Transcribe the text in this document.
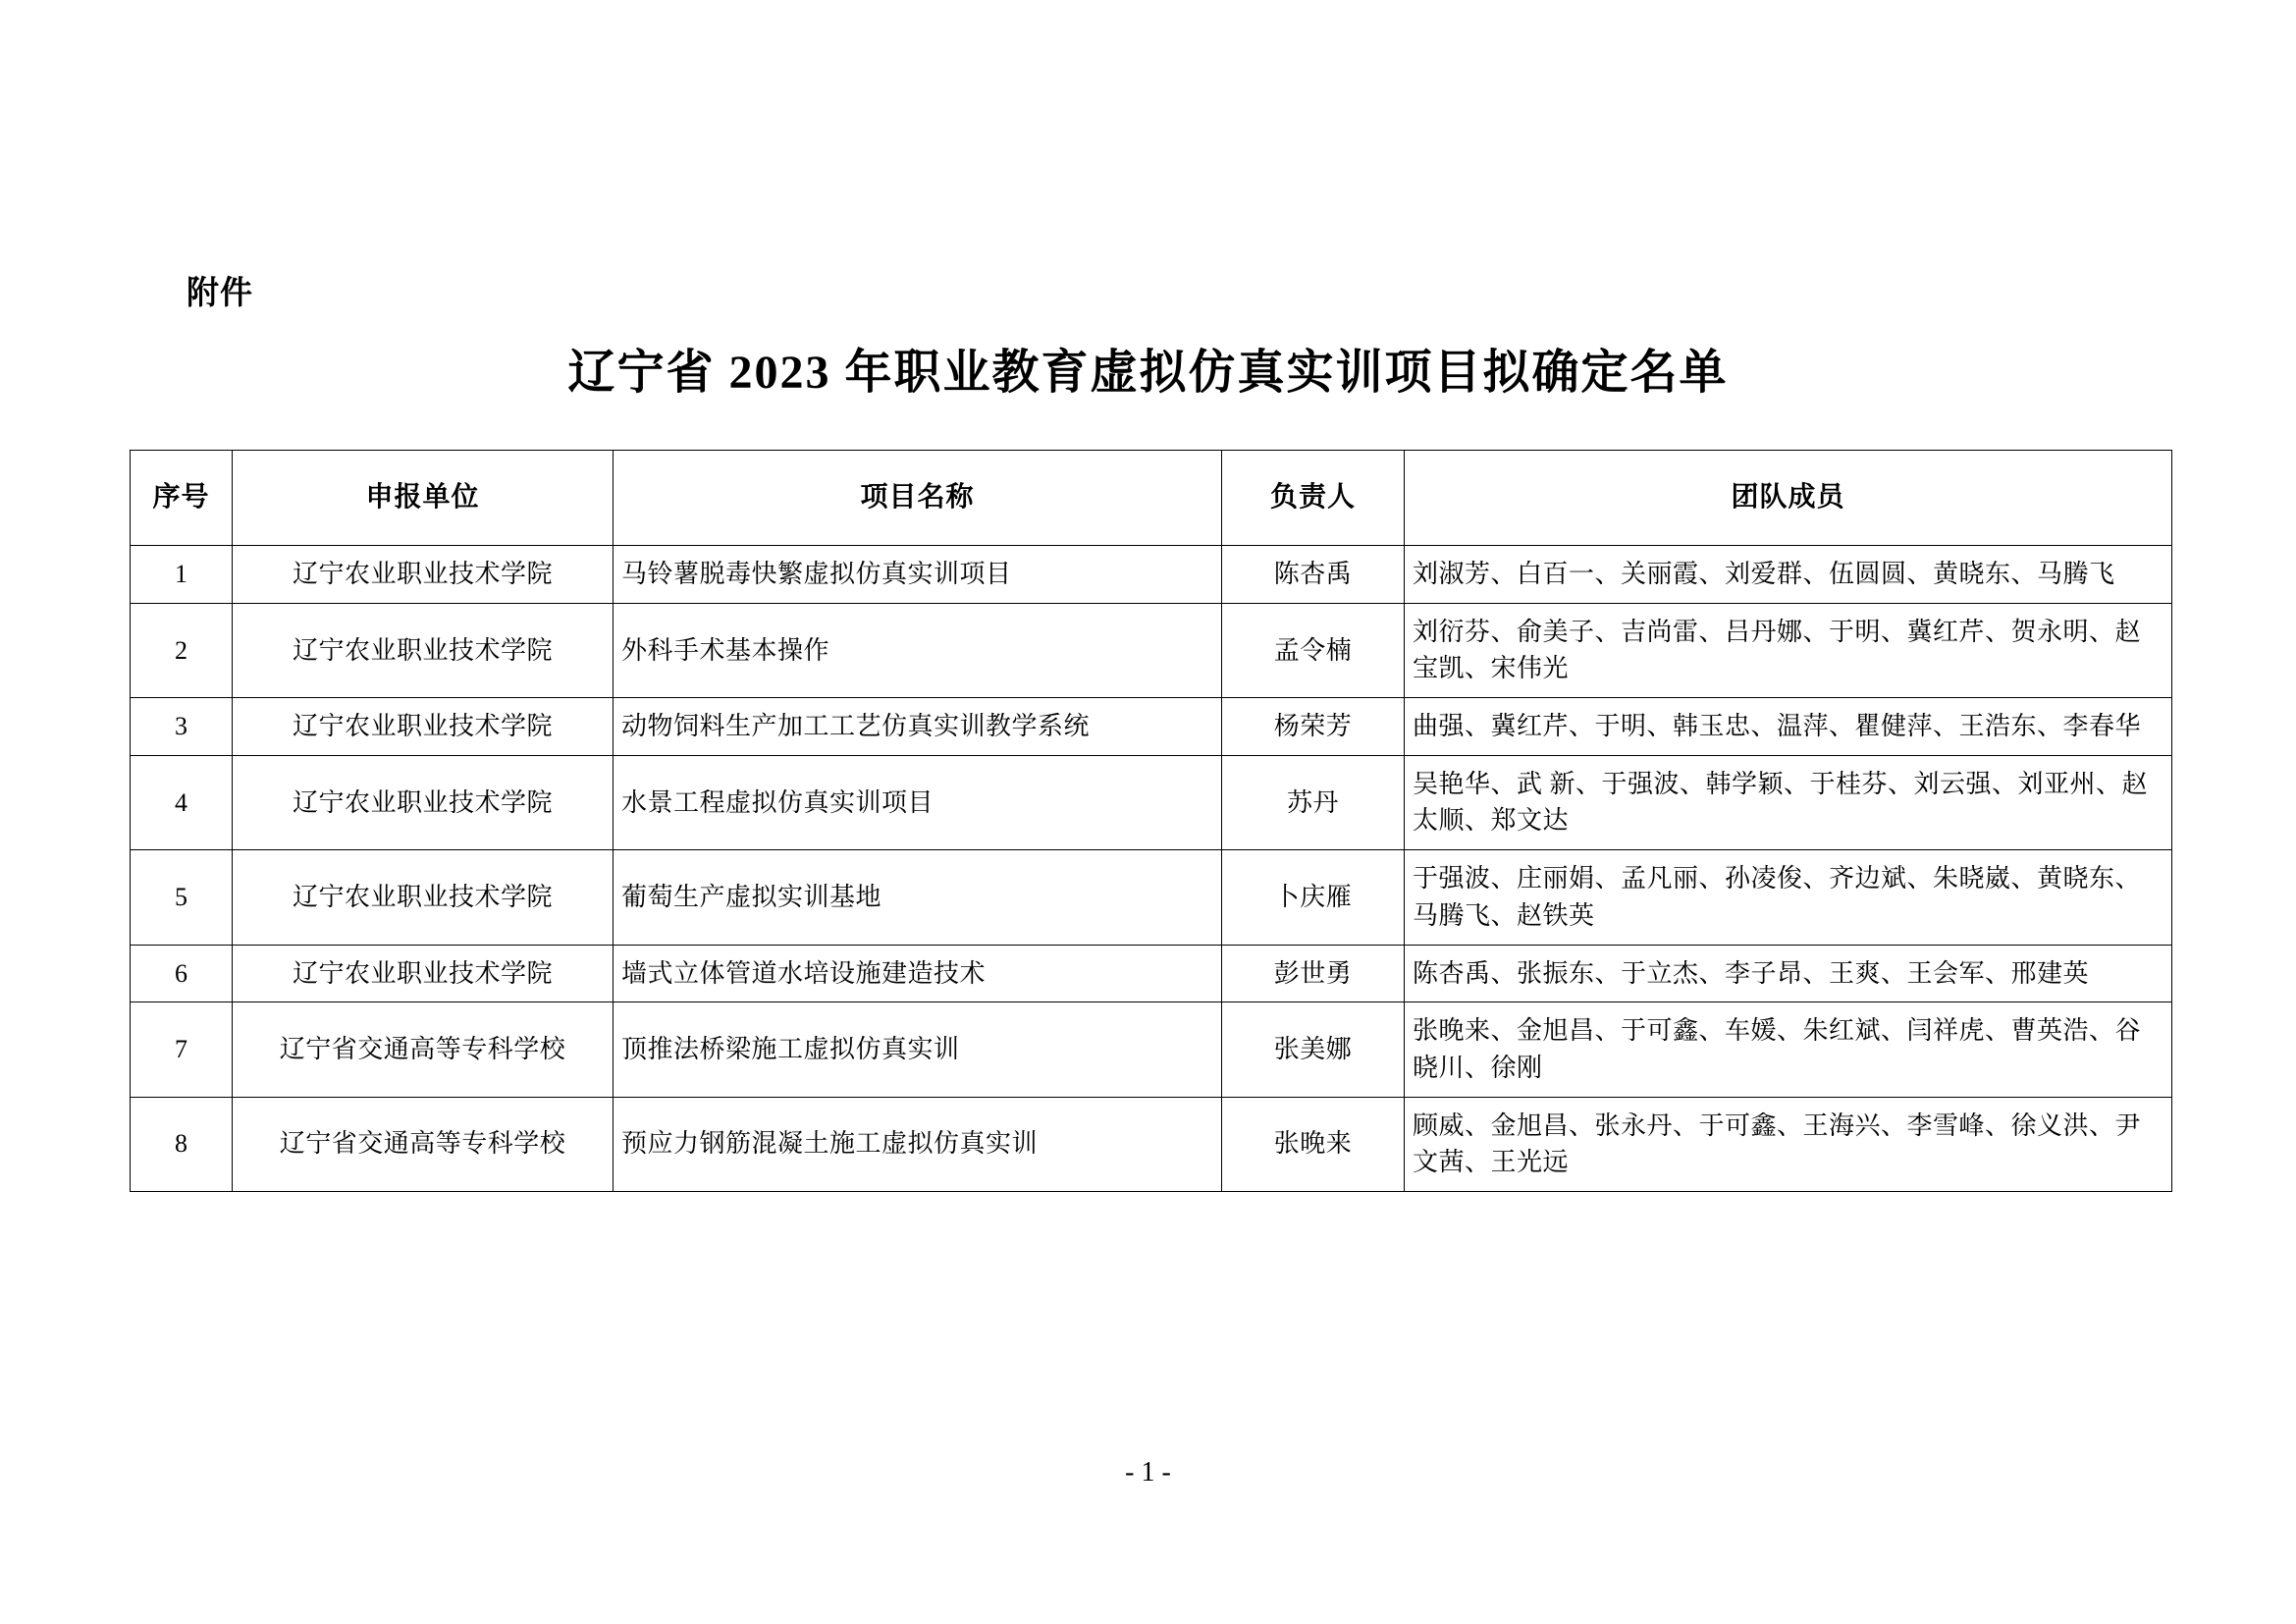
附件
辽宁省 2023 年职业教育虚拟仿真实训项目拟确定名单
序号	申报单位	项目名称	负责人	团队成员
1	辽宁农业职业技术学院	马铃薯脱毒快繁虚拟仿真实训项目	陈杏禹	刘淑芳、白百一、关丽霞、刘爱群、伍圆圆、黄晓东、马腾飞
2	辽宁农业职业技术学院	外科手术基本操作	孟令楠	刘衍芬、俞美子、吉尚雷、吕丹娜、于明、冀红芹、贺永明、赵宝凯、宋伟光
3	辽宁农业职业技术学院	动物饲料生产加工工艺仿真实训教学系统	杨荣芳	曲强、冀红芹、于明、韩玉忠、温萍、瞿健萍、王浩东、李春华
4	辽宁农业职业技术学院	水景工程虚拟仿真实训项目	苏丹	吴艳华、武 新、于强波、韩学颖、于桂芬、刘云强、刘亚州、赵太顺、郑文达
5	辽宁农业职业技术学院	葡萄生产虚拟实训基地	卜庆雁	于强波、庄丽娟、孟凡丽、孙凌俊、齐边斌、朱晓崴、黄晓东、马腾飞、赵铁英
6	辽宁农业职业技术学院	墙式立体管道水培设施建造技术	彭世勇	陈杏禹、张振东、于立杰、李子昂、王爽、王会军、邢建英
7	辽宁省交通高等专科学校	顶推法桥梁施工虚拟仿真实训	张美娜	张晚来、金旭昌、于可鑫、车媛、朱红斌、闫祥虎、曹英浩、谷晓川、徐刚
8	辽宁省交通高等专科学校	预应力钢筋混凝土施工虚拟仿真实训	张晚来	顾威、金旭昌、张永丹、于可鑫、王海兴、李雪峰、徐义洪、尹文茜、王光远
- 1 -
